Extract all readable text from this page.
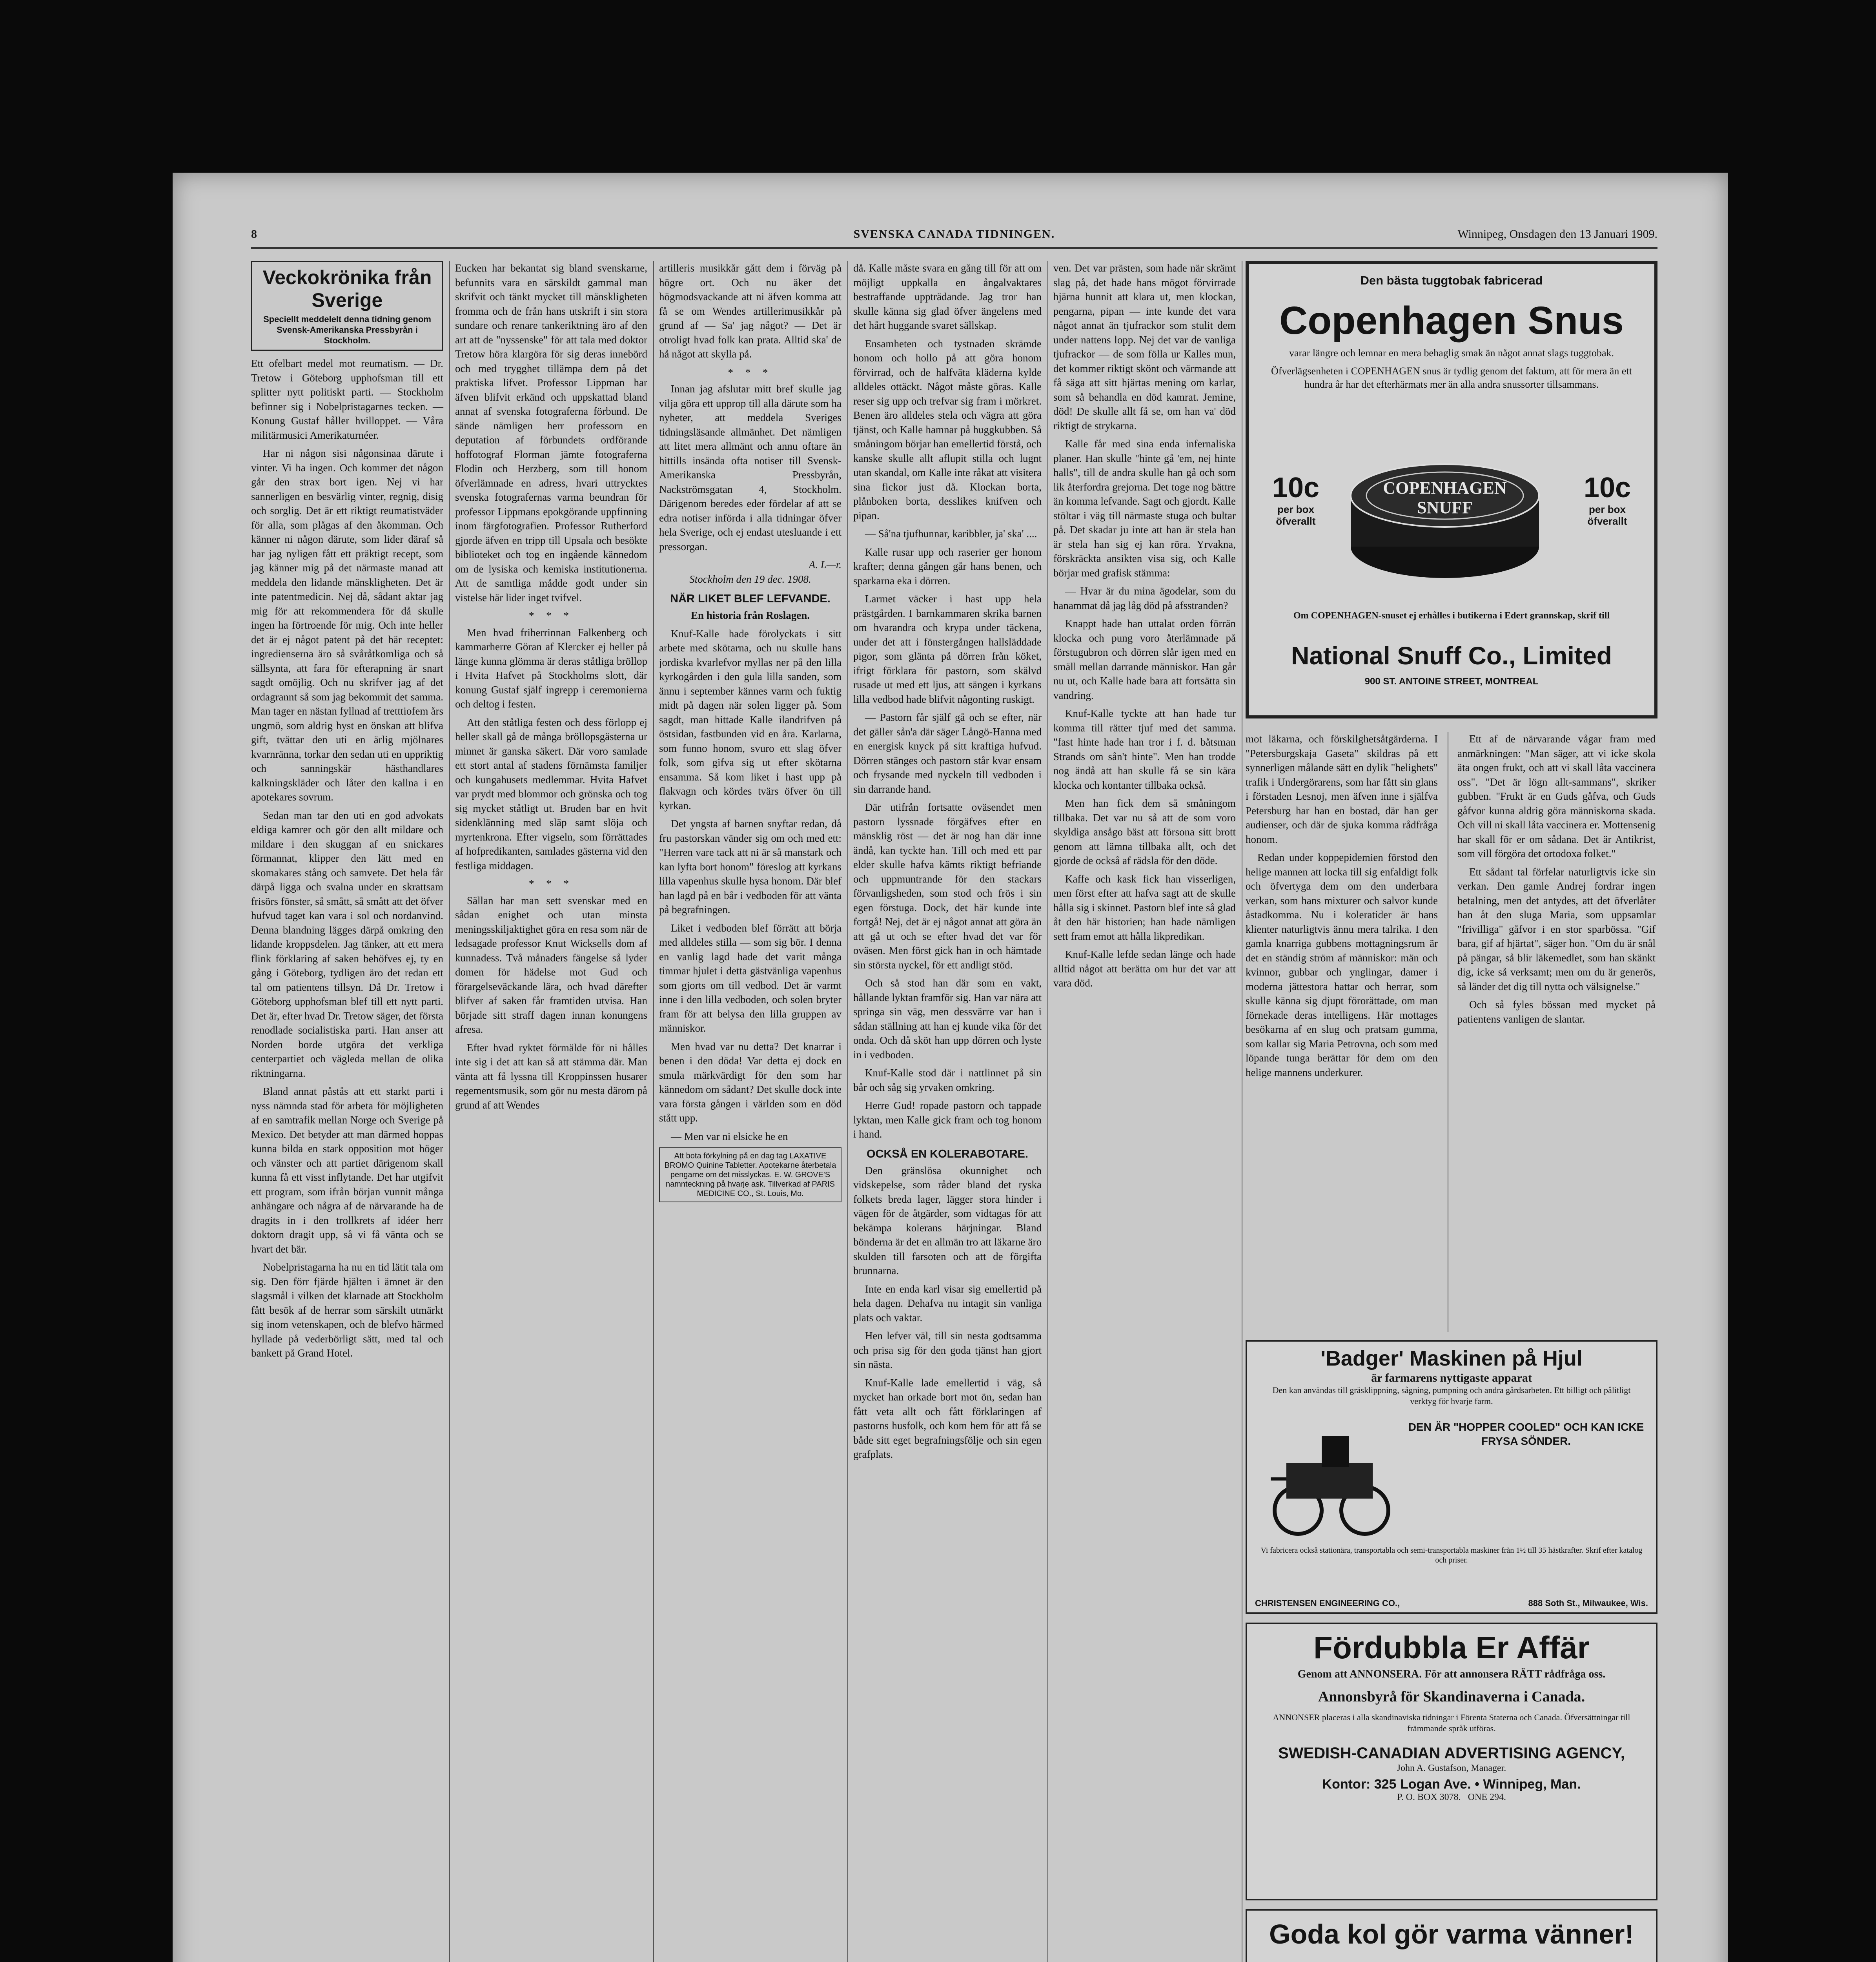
8	SVENSKA CANADA TIDNINGEN.	Winnipeg, Onsdagen den 13 Januari 1909.
Veckokrönika från Sverige
Speciellt meddelelt denna tidning genom Svensk-Amerikanska Pressbyrån i Stockholm.

Ett ofelbart medel mot reumatism. — Dr. Tretow i Göteborg upphofsman till ett splitter nytt politiskt parti. — Stockholm befinner sig i Nobelpristagarnes tecken. — Konung Gustaf håller hvilloppet. — Våra militärmusici Amerikaturnéer.

Har ni någon sisi någonsinaa därute i vinter. Vi ha ingen. Och kommer det någon går den strax bort igen. Nej vi har sannerligen en besvärlig vinter, regnig, disig och sorglig. Det är ett riktigt reumatistväder för alla, som plågas af den åkomman. Och känner ni någon därute, som lider däraf så har jag nyligen fått ett präktigt recept, som jag känner mig på det närmaste manad att meddela den lidande mänskligheten. Det är inte patentmedicin. Nej då, sådant aktar jag mig för att rekommendera för då skulle ingen ha förtroende för mig. Och inte heller det är ej något patent på det här receptet: ingredienserna äro så svåråtkomliga och så sällsynta, att fara för efterapning är snart sagdt omöjlig. Och nu skrifver jag af det ordagrannt så som jag bekommit det samma. Man tager en nästan fyllnad af tretttiofem års ungmö, som aldrig hyst en önskan att blifva gift, tvättar den uti en ärlig mjölnares kvarnränna, torkar den sedan uti en uppriktig och sanningskär hästhandlares kalkningskläder och låter den kallna i en apotekares sovrum.

Sedan man tar den uti en god advokats eldiga kamrer och gör den allt mildare och mildare i den skuggan af en snickares förmannat, klipper den lätt med en skomakares stång och samvete. Det hela får därpå ligga och svalna under en skrattsam frisörs fönster, så smått, så smått att det öfver hufvud taget kan vara i sol och nordanvind. Denna blandning lägges därpå omkring den lidande kroppsdelen. Jag tänker, att ett mera flink förklaring af saken behöfves ej, ty en gång i Göteborg, tydligen äro det redan ett tal om patientens tillsyn. Då Dr. Tretow i Göteborg upphofsman blef till ett nytt parti. Det är, efter hvad Dr. Tretow säger, det första renodlade socialistiska parti. Han anser att Norden borde utgöra det verkliga centerpartiet och vägleda mellan de olika riktningarna.

Bland annat påstås att ett starkt parti i nyss nämnda stad för arbeta för möjligheten af en samtrafik mellan Norge och Sverige på Mexico. Det betyder att man därmed hoppas kunna bilda en stark opposition mot höger och vänster och att partiet därigenom skall kunna få ett visst inflytande. Det har utgifvit ett program, som ifrån början vunnit många anhängare och några af de närvarande ha de dragits in i den trollkrets af idéer herr doktorn dragit upp, så vi få vänta och se hvart det bär.

Nobelpristagarna ha nu en tid lätit tala om sig. Den förr fjärde hjälten i ämnet är den slagsmål i vilken det klarnade att Stockholm fått besök af de herrar som särskilt utmärkt sig inom vetenskapen, och de blefvo härmed hyllade på vederbörligt sätt, med tal och bankett på Grand Hotel.

Eucken har bekantat sig bland svenskarne, befunnits vara en särskildt gammal man skrifvit och tänkt mycket till mänskligheten fromma och de från hans utskrift i sin stora sundare och renare tankeriktning äro af den art att de "nyssenske" för att tala med doktor Tretow höra klargöra för sig deras innebörd och med trygghet tillämpa dem på det praktiska lifvet. Professor Lippman har äfven blifvit erkänd och uppskattad bland annat af svenska fotograferna förbund. De sände nämligen herr professorn en deputation af förbundets ordförande hoffotograf Florman jämte fotograferna Flodin och Herzberg, som till honom öfverlämnade en adress, hvari uttrycktes svenska fotografernas varma beundran för professor Lippmans epokgörande uppfinning inom färgfotografien. Professor Rutherford gjorde äfven en tripp till Upsala och besökte biblioteket och tog en ingående kännedom om de lysiska och kemiska institutionerna. Att de samtliga mådde godt under sin vistelse här lider inget tvifvel.

* * *

Men hvad friherrinnan Falkenberg och kammarherre Göran af Klercker ej heller på länge kunna glömma är deras ståtliga bröllop i Hvita Hafvet på Stockholms slott, där konung Gustaf själf ingrepp i ceremonierna och deltog i festen.

Att den ståtliga festen och dess förlopp ej heller skall gå de många bröllopsgästerna ur minnet är ganska säkert. Där voro samlade ett stort antal af stadens förnämsta familjer och kungahusets medlemmar. Hvita Hafvet var prydt med blommor och grönska och tog sig mycket ståtligt ut. Bruden bar en hvit sidenklänning med släp samt slöja och myrtenkrona. Efter vigseln, som förrättades af hofpredikanten, samlades gästerna vid den festliga middagen.

* * *

Sällan har man sett svenskar med en sådan enighet och utan minsta meningsskiljaktighet göra en resa som när de ledsagade professor Knut Wicksells dom af kunnadess. Två månaders fängelse så lyder domen för hädelse mot Gud och förargelseväckande lära, och hvad därefter blifver af saken får framtiden utvisa. Han började sitt straff dagen innan konungens afresa.

Efter hvad ryktet förmälde för ni hålles inte sig i det att kan så att stämma där. Man vänta att få lyssna till Kroppinssen husarer regementsmusik, som gör nu mesta därom på grund af att Wendes

artilleris musikkår gått dem i förväg på högre ort. Och nu äker det högmodsvackande att ni äfven komma att få se om Wendes artillerimusikkår på grund af — Sa' jag något? — Det är otroligt hvad folk kan prata. Alltid ska' de hå något att skylla på.

* * *

Innan jag afslutar mitt bref skulle jag vilja göra ett upprop till alla därute som ha nyheter, att meddela Sveriges tidningsläsande allmänhet. Det nämligen att litet mera allmänt och annu oftare än hittills insända ofta notiser till Svensk-Amerikanska Pressbyrån, Nackströmsgatan 4, Stockholm. Därigenom beredes eder fördelar af att se edra notiser införda i alla tidningar öfver hela Sverige, och ej endast utesluande i ett pressorgan.

A. L—r.
Stockholm den 19 dec. 1908.
NÄR LIKET BLEF LEFVANDE.
En historia från Roslagen.

Knuf-Kalle hade förolyckats i sitt arbete med skötarna, och nu skulle hans jordiska kvarlefvor myllas ner på den lilla kyrkogården i den gula lilla sanden, som ännu i september kännes varm och fuktig midt på dagen när solen ligger på. Som sagdt, man hittade Kalle ilandrifven på östsidan, fastbunden vid en åra. Karlarna, som funno honom, svuro ett slag öfver folk, som gifva sig ut efter skötarna ensamma. Så kom liket i hast upp på flakvagn och kördes tvärs öfver ön till kyrkan.

Det yngsta af barnen snyftar redan, då fru pastorskan vänder sig om och med ett: "Herren vare tack att ni är så manstark och kan lyfta bort honom" föreslog att kyrkans lilla vapenhus skulle hysa honom. Där blef han lagd på en bår i vedboden för att vänta på begrafningen.

Liket i vedboden blef förrätt att börja med alldeles stilla — som sig bör. I denna en vanlig lagd hade det varit många timmar hjulet i detta gästvänliga vapenhus som gjorts om till vedbod. Det är varmt inne i den lilla vedboden, och solen bryter fram för att belysa den lilla gruppen av människor.

Men hvad var nu detta? Det knarrar i benen i den döda! Var detta ej dock en smula märkvärdigt för den som har kännedom om sådant? Det skulle dock inte vara första gången i världen som en död stått upp.

— Men var ni elsicke he en

Att bota förkylning på en dag tag LAXATIVE BROMO Quinine Tabletter. Apotekarne återbetala pengarne om det misslyckas. E. W. GROVE'S namnteckning på hvarje ask. Tillverkad af PARIS MEDICINE CO., St. Louis, Mo.

då. Kalle måste svara en gång till för att om möjligt uppkalla en ångalvaktares bestraffande uppträdande. Jag tror han skulle känna sig glad öfver ängelens med det hårt huggande svaret sällskap.

Ensamheten och tystnaden skrämde honom och hollo på att göra honom förvirrad, och de halfväta kläderna kylde alldeles ottäckt. Något måste göras. Kalle reser sig upp och trefvar sig fram i mörkret. Benen äro alldeles stela och vägra att göra tjänst, och Kalle hamnar på huggkubben. Så småningom börjar han emellertid förstå, och kanske skulle allt aflupit stilla och lugnt utan skandal, om Kalle inte råkat att visitera sina fickor just då. Klockan borta, plånboken borta, desslikes knifven och pipan.

— Så'na tjufhunnar, karibbler, ja' ska' ....

Kalle rusar upp och raserier ger honom krafter; denna gången går hans benen, och sparkarna eka i dörren.

Larmet väcker i hast upp hela prästgården. I barnkammaren skrika barnen om hvarandra och krypa under täckena, under det att i fönstergången hallsläddade pigor, som glänta på dörren från köket, ifrigt förklara för pastorn, som skälvd rusade ut med ett ljus, att sängen i kyrkans lilla vedbod hade blifvit någonting ruskigt.

— Pastorn får själf gå och se efter, när det gäller sån'a där säger Långö-Hanna med en energisk knyck på sitt kraftiga hufvud. Dörren stänges och pastorn står kvar ensam och frysande med nyckeln till vedboden i sin darrande hand.

Där utifrån fortsatte oväsendet men pastorn lyssnade förgäfves efter en mänsklig röst — det är nog han där inne ändå, kan tyckte han. Till och med ett par elder skulle hafva kämts riktigt befriande och uppmuntrande för den stackars förvanligsheden, som stod och frös i sin egen förstuga. Dock, det här kunde inte fortgå! Nej, det är ej något annat att göra än att gå ut och se efter hvad det var för oväsen. Men först gick han in och hämtade sin största nyckel, för ett andligt stöd.

Och så stod han där som en vakt, hållande lyktan framför sig. Han var nära att springa sin väg, men dessvärre var han i sådan ställning att han ej kunde vika för det onda. Och då sköt han upp dörren och lyste in i vedboden.

Knuf-Kalle stod där i nattlinnet på sin bår och såg sig yrvaken omkring.

Herre Gud! ropade pastorn och tappade lyktan, men Kalle gick fram och tog honom i hand.

OCKSÅ EN KOLERABOTARE.

Den gränslösa okunnighet och vidskepelse, som råder bland det ryska folkets breda lager, lägger stora hinder i vägen för de åtgärder, som vidtagas för att bekämpa kolerans härjningar. Bland bönderna är det en allmän tro att läkarne äro skulden till farsoten och att de förgifta brunnarna.

Inte en enda karl visar sig emellertid på hela dagen. Dehafva nu intagit sin vanliga plats och vaktar.

Hen lefver väl, till sin nesta godtsamma och prisa sig för den goda tjänst han gjort sin nästa.

Knuf-Kalle lade emellertid i väg, så mycket han orkade bort mot ön, sedan han fått veta allt och fått förklaringen af pastorns husfolk, och kom hem för att få se både sitt eget begrafningsfölje och sin egen grafplats.

ven. Det var prästen, som hade när skrämt slag på, det hade hans mögot förvirrade hjärna hunnit att klara ut, men klockan, pengarna, pipan — inte kunde det vara något annat än tjufrackor som stulit dem under nattens lopp. Nej det var de vanliga tjufrackor — de som fölla ur Kalles mun, det kommer riktigt skönt och värmande att få säga att sitt hjärtas mening om karlar, som så behandla en död kamrat. Jemine, död! De skulle allt få se, om han va' död riktigt de strykarna.

Kalle får med sina enda infernaliska planer. Han skulle "hinte gå 'em, nej hinte halls", till de andra skulle han gå och som lik återfordra grejorna. Det toge nog bättre än komma lefvande. Sagt och gjordt. Kalle stöltar i väg till närmaste stuga och bultar på. Det skadar ju inte att han är stela han är stela han sig ej kan röra. Yrvakna, förskräckta ansikten visa sig, och Kalle börjar med grafisk stämma:

— Hvar är du mina ägodelar, som du hanammat då jag låg död på afsstranden?

Knappt hade han uttalat orden förrän klocka och pung voro återlämnade på förstugubron och dörren slår igen med en smäll mellan darrande människor. Han går nu ut, och Kalle hade bara att fortsätta sin vandring.

Knuf-Kalle tyckte att han hade tur komma till rätter tjuf med det samma. "fast hinte hade han tror i f. d. båtsman Strands om sån't hinte". Men han trodde nog ändå att han skulle få se sin kära klocka och kontanter tillbaka också.

Men han fick dem så småningom tillbaka. Det var nu så att de som voro skyldiga ansågo bäst att försona sitt brott genom att lämna tillbaka allt, och det gjorde de också af rädsla för den döde.

Kaffe och kask fick han visserligen, men först efter att hafva sagt att de skulle hålla sig i skinnet. Pastorn blef inte så glad åt den här historien; han hade nämligen sett fram emot att hålla likpredikan.

Knuf-Kalle lefde sedan länge och hade alltid något att berätta om hur det var att vara död.

Den bästa tuggtobak fabricerad
Copenhagen Snus
varar längre och lemnar en mera behaglig smak än något annat slags tuggtobak.
Öfverlägsenheten i COPENHAGEN snus är tydlig genom det faktum, att för mera än ett hundra år har det efterhärmats mer än alla andra snussorter tillsammans.
10c
per box
öfverallt
10c
per box
öfverallt
COPENHAGEN
SNUFF
Om COPENHAGEN-snuset ej erhålles i butikerna i Edert grannskap, skrif till
National Snuff Co., Limited
900 ST. ANTOINE STREET, MONTREAL

mot läkarna, och förskilghetsåtgärderna. I "Petersburgskaja Gaseta" skildras på ett synnerligen målande sätt en dylik "helighets" trafik i Undergörarens, som har fått sin glans i förstaden Lesnoj, men äfven inne i själfva Petersburg har han en bostad, där han ger audienser, och där de sjuka komma rådfråga honom.

Redan under koppepidemien förstod den helige mannen att locka till sig enfaldigt folk och öfvertyga dem om den underbara verkan, som hans mixturer och salvor kunde åstadkomma. Nu i koleratider är hans klienter naturligtvis ännu mera talrika. I den gamla knarriga gubbens mottagningsrum är det en ständig ström af människor: män och kvinnor, gubbar och ynglingar, damer i moderna jättestora hattar och herrar, som skulle känna sig djupt förorättade, om man förnekade deras intelligens. Här mottages besökarna af en slug och pratsam gumma, som kallar sig Maria Petrovna, och som med löpande tunga berättar för dem om den helige mannens underkurer.

Ett af de närvarande vågar fram med anmärkningen: "Man säger, att vi icke skola äta ongen frukt, och att vi skall låta vaccinera oss". "Det är lögn allt-sammans", skriker gubben. "Frukt är en Guds gåfva, och Guds gåfvor kunna aldrig göra människorna skada. Och vill ni skall låta vaccinera er. Mottensenig har skall för er om sådana. Det är Antikrist, som vill förgöra det ortodoxa folket."

Ett sådant tal förfelar naturligtvis icke sin verkan. Den gamle Andrej fordrar ingen betalning, men det antydes, att det öfverlåter han åt den sluga Maria, som uppsamlar "frivilliga" gåfvor i en stor sparbössa. "Gif bara, gif af hjärtat", säger hon. "Om du är snål på pängar, så blir läkemedlet, som han skänkt dig, icke så verksamt; men om du är generös, så länder det dig till nytta och välsignelse."

Och så fyles bössan med mycket på patientens vanligen de slantar.

'Badger' Maskinen på Hjul
är farmarens nyttigaste apparat
Den kan användas till gräsklippning, sågning, pumpning och andra gårdsarbeten. Ett billigt och pålitligt verktyg för hvarje farm.
DEN ÄR "HOPPER COOLED" OCH KAN ICKE FRYSA SÖNDER.
Vi fabricera också stationära, transportabla och semi-transportabla maskiner från 1½ till 35 hästkrafter. Skrif efter katalog och priser.
CHRISTENSEN ENGINEERING CO.,	888 Soth St., Milwaukee, Wis.
Fördubbla Er Affär
Genom att ANNONSERA. För att annonsera RÄTT rådfråga oss.
Annonsbyrå för Skandinaverna i Canada.
ANNONSER placeras i alla skandinaviska tidningar i Förenta Staterna och Canada. Öfversättningar till främmande språk utföras.
SWEDISH-CANADIAN ADVERTISING AGENCY,
John A. Gustafson, Manager.
Kontor: 325 Logan Ave. • Winnipeg, Man.
P. O. BOX 3078. ONE 294.
Goda kol gör varma vänner!
